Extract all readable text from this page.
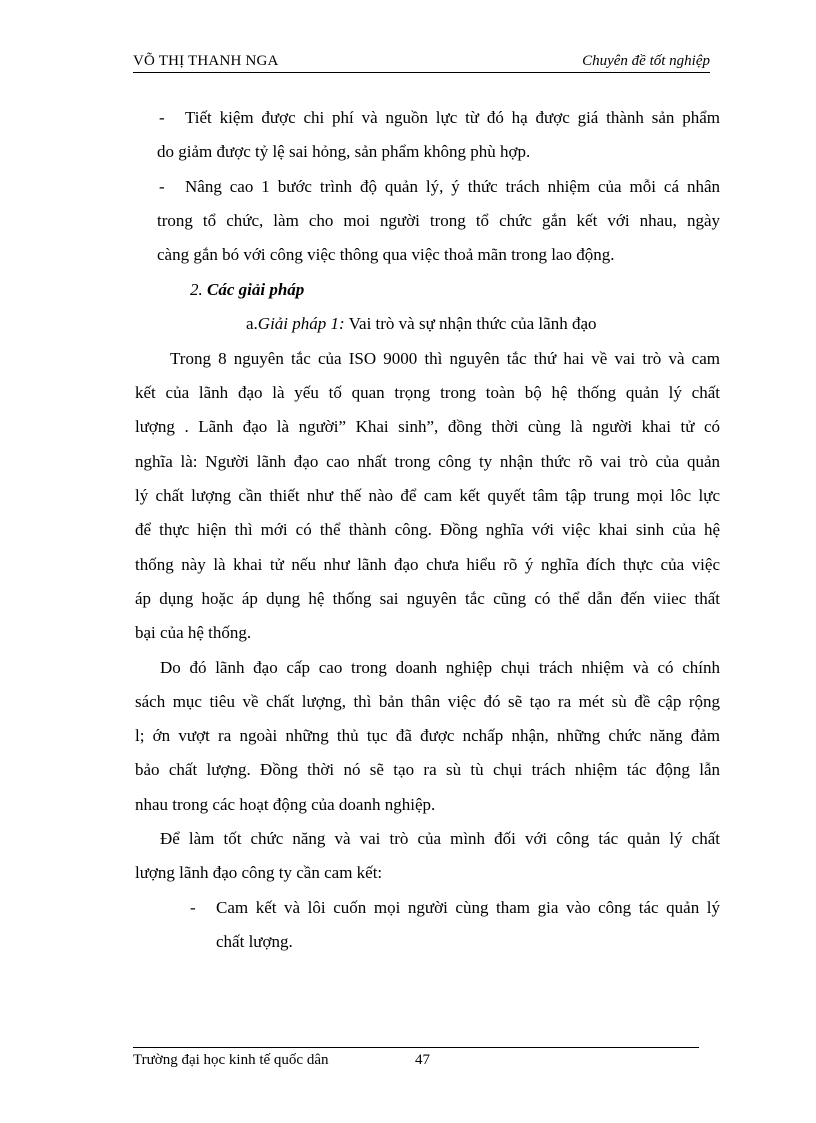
VÕ THỊ THANH NGA	Chuyên đề tốt nghiệp
- Tiết kiệm được chi phí và nguồn lực từ đó hạ được giá thành sản phẩm
do giảm được tỷ lệ sai hỏng, sản phẩm không phù hợp.
- Nâng cao 1 bước trình độ quản lý, ý thức trách nhiệm của mỗi cá nhân
trong tổ chức, làm cho moi người trong tổ chức gắn kết với nhau, ngày
càng gắn bó với công việc thông qua việc thoả mãn trong lao động.
2. Các giải pháp
a.Giải pháp 1: Vai trò và sự nhận thức của lãnh đạo
Trong 8 nguyên tắc của ISO 9000 thì nguyên tắc thứ hai về vai trò và cam
kết của lãnh đạo là yếu tố quan trọng trong toàn bộ hệ thống quản lý chất
lượng . Lãnh đạo là người” Khai sinh”, đồng thời cùng là người khai tử có
nghĩa là: Người lãnh đạo cao nhất trong công ty nhận thức rõ vai trò của quản
lý chất lượng cần thiết như thế nào để cam kết quyết tâm tập trung mọi lôc lực
để thực hiện thì mới có thể thành công. Đồng nghĩa với việc khai sinh của hệ
thống này là khai tử nếu như lãnh đạo chưa hiểu rõ ý nghĩa đích thực của việc
áp dụng hoặc áp dụng hệ thống sai nguyên tắc cũng có thể dẫn đến viiec thất
bại của hệ thống.
Do đó lãnh đạo cấp cao trong doanh nghiệp chụi trách nhiệm và có chính
sách mục tiêu về chất lượng, thì bản thân việc đó sẽ tạo ra mét sù đề cập rộng
l; ớn vượt ra ngoài những thủ tục đã được nchấp nhận, những chức năng đảm
bảo chất lượng. Đồng thời nó sẽ tạo ra sù tù chụi trách nhiệm tác động lẫn
nhau trong các hoạt động của doanh nghiệp.
Để làm tốt chức năng và vai trò của mình đối với công tác quản lý chất
lượng lãnh đạo công ty cần cam kết:
- Cam kết và lôi cuốn mọi người cùng tham gia vào công tác quản lý
chất lượng.
Trường đại học kinh tế quốc dân	47
